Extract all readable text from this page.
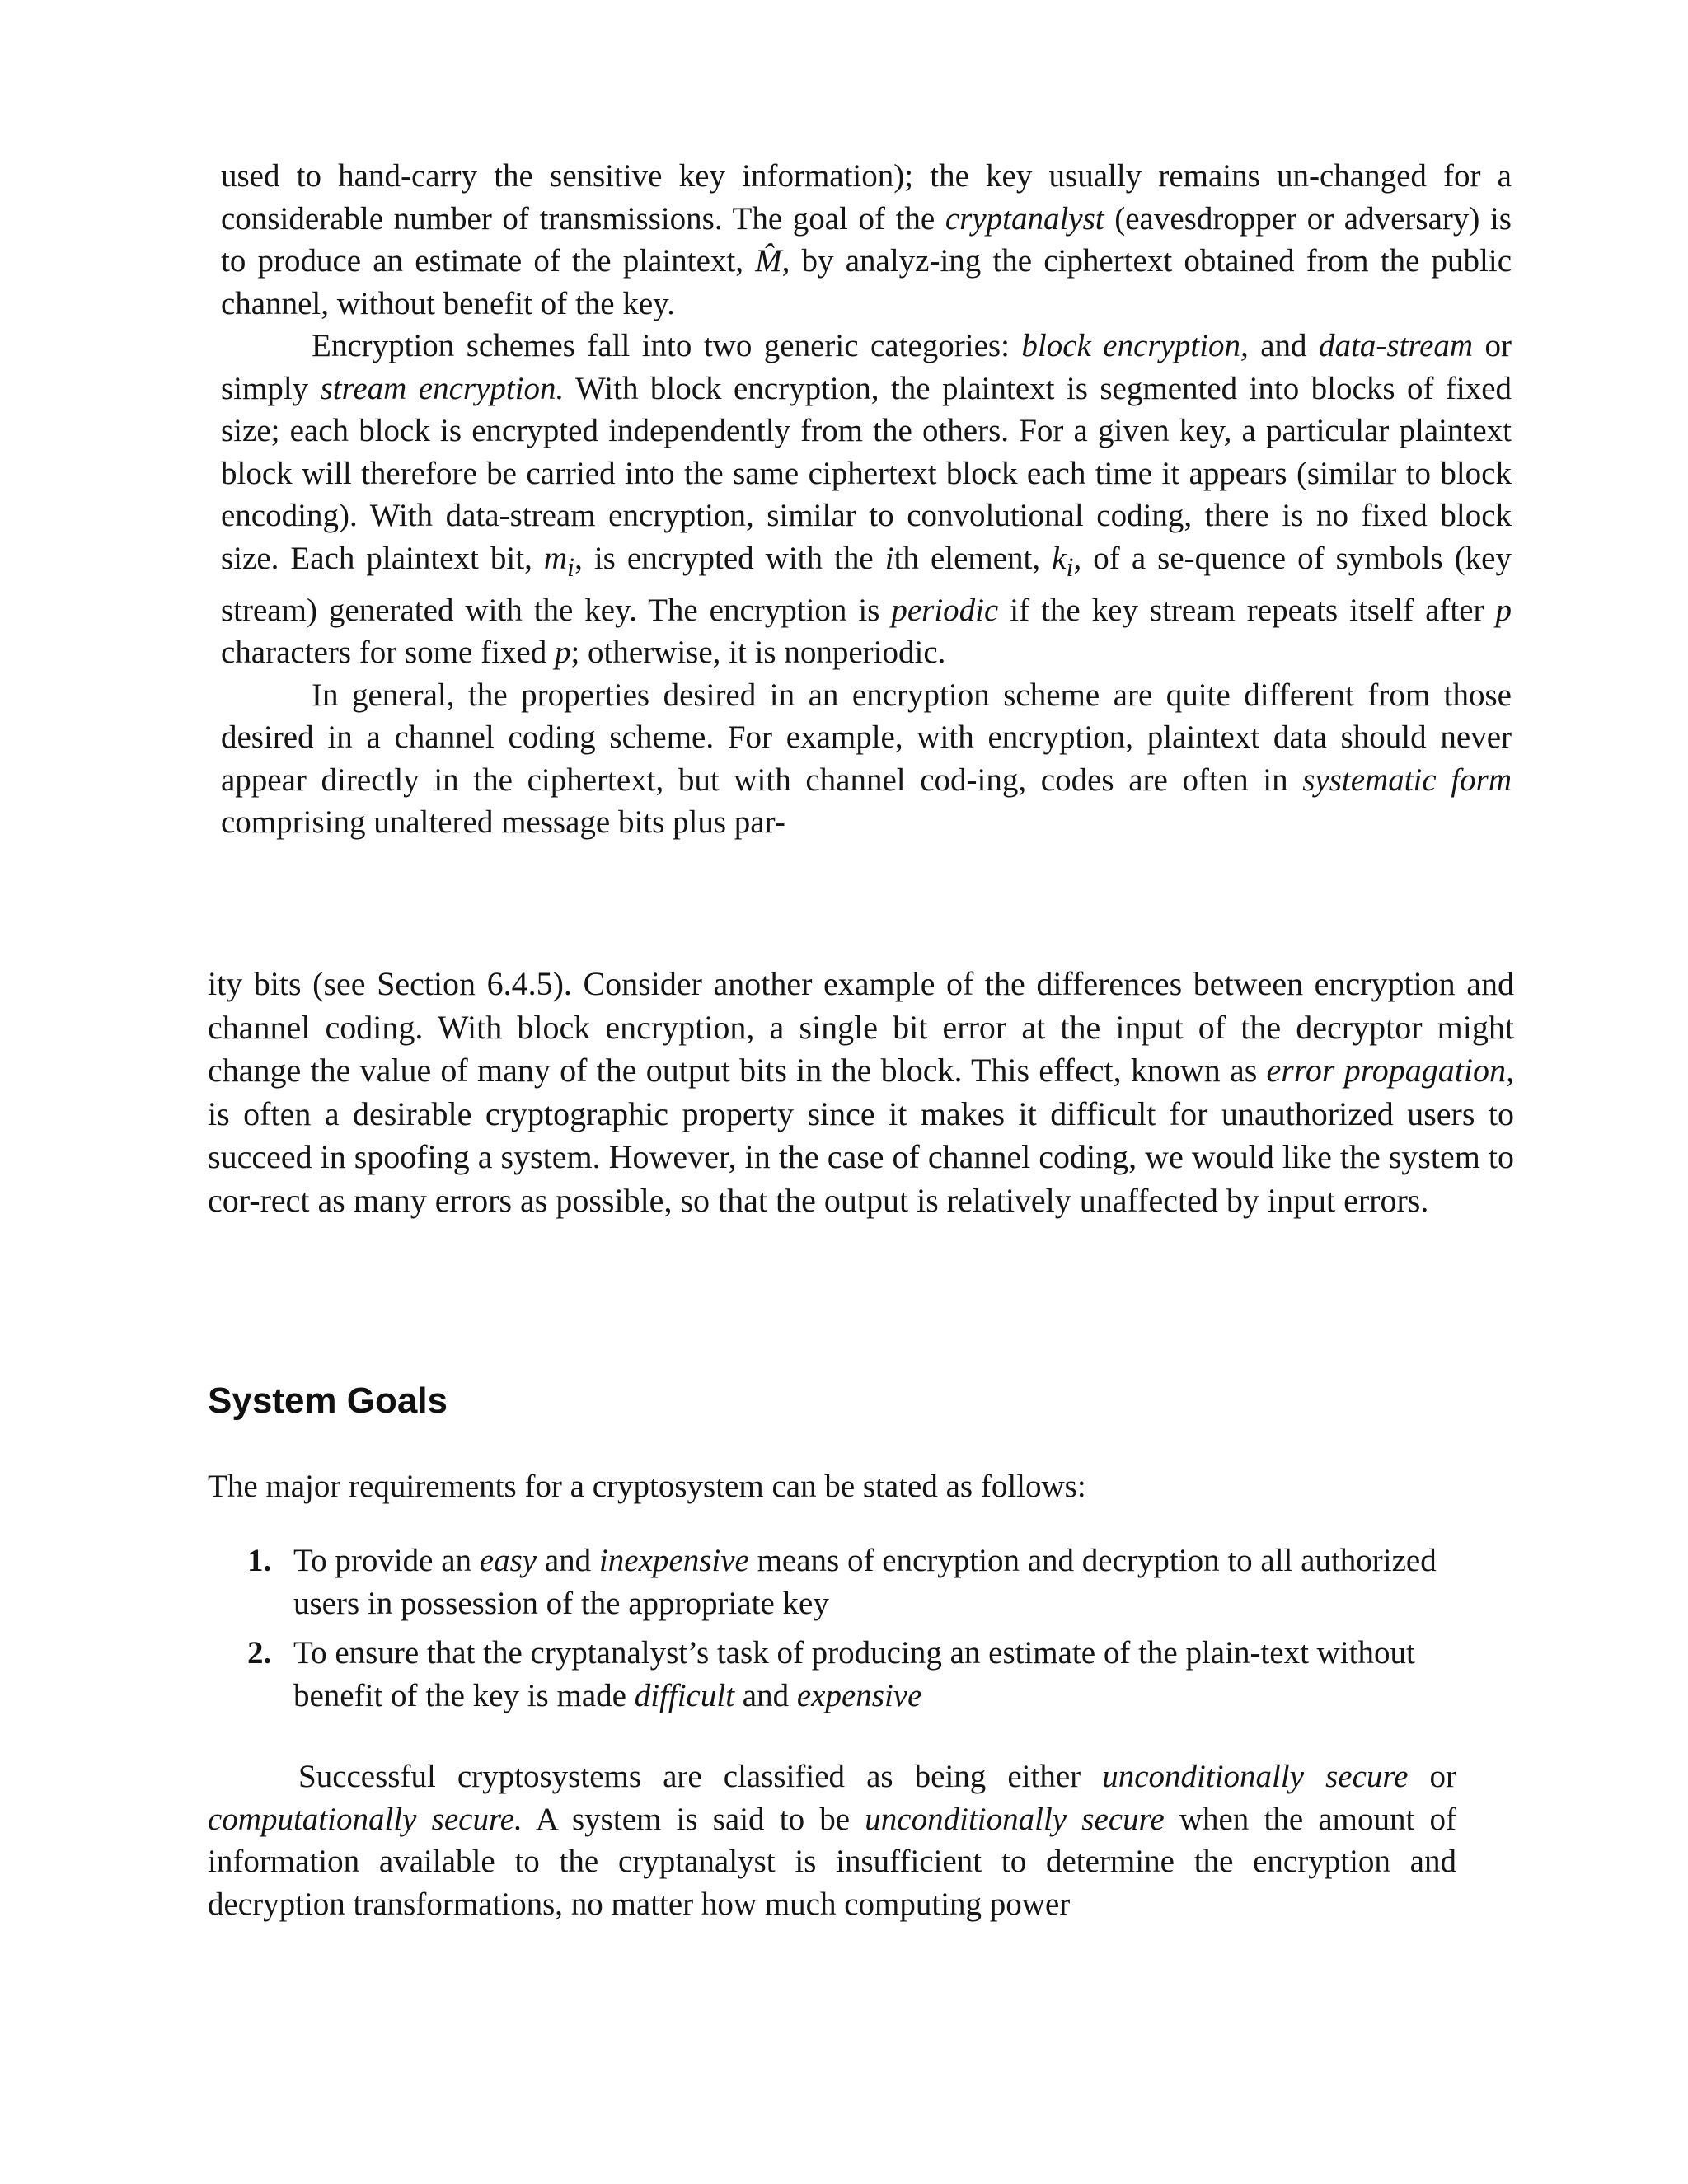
used to hand-carry the sensitive key information); the key usually remains un-changed for a considerable number of transmissions. The goal of the cryptanalyst (eavesdropper or adversary) is to produce an estimate of the plaintext, M̂, by analyz-ing the ciphertext obtained from the public channel, without benefit of the key.

Encryption schemes fall into two generic categories: block encryption, and data-stream or simply stream encryption. With block encryption, the plaintext is segmented into blocks of fixed size; each block is encrypted independently from the others. For a given key, a particular plaintext block will therefore be carried into the same ciphertext block each time it appears (similar to block encoding). With data-stream encryption, similar to convolutional coding, there is no fixed block size. Each plaintext bit, $m_i$, is encrypted with the ith element, $k_i$, of a se-quence of symbols (key stream) generated with the key. The encryption is periodic if the key stream repeats itself after p characters for some fixed p; otherwise, it is nonperiodic.

In general, the properties desired in an encryption scheme are quite different from those desired in a channel coding scheme. For example, with encryption, plaintext data should never appear directly in the ciphertext, but with channel cod-ing, codes are often in systematic form comprising unaltered message bits plus par-

ity bits (see Section 6.4.5). Consider another example of the differences between encryption and channel coding. With block encryption, a single bit error at the input of the decryptor might change the value of many of the output bits in the block. This effect, known as error propagation, is often a desirable cryptographic property since it makes it difficult for unauthorized users to succeed in spoofing a system. However, in the case of channel coding, we would like the system to cor-rect as many errors as possible, so that the output is relatively unaffected by input errors.

System Goals

The major requirements for a cryptosystem can be stated as follows:

1. To provide an easy and inexpensive means of encryption and decryption to all authorized users in possession of the appropriate key
2. To ensure that the cryptanalyst’s task of producing an estimate of the plain-text without benefit of the key is made difficult and expensive

Successful cryptosystems are classified as being either unconditionally secure or computationally secure. A system is said to be unconditionally secure when the amount of information available to the cryptanalyst is insufficient to determine the encryption and decryption transformations, no matter how much computing power
